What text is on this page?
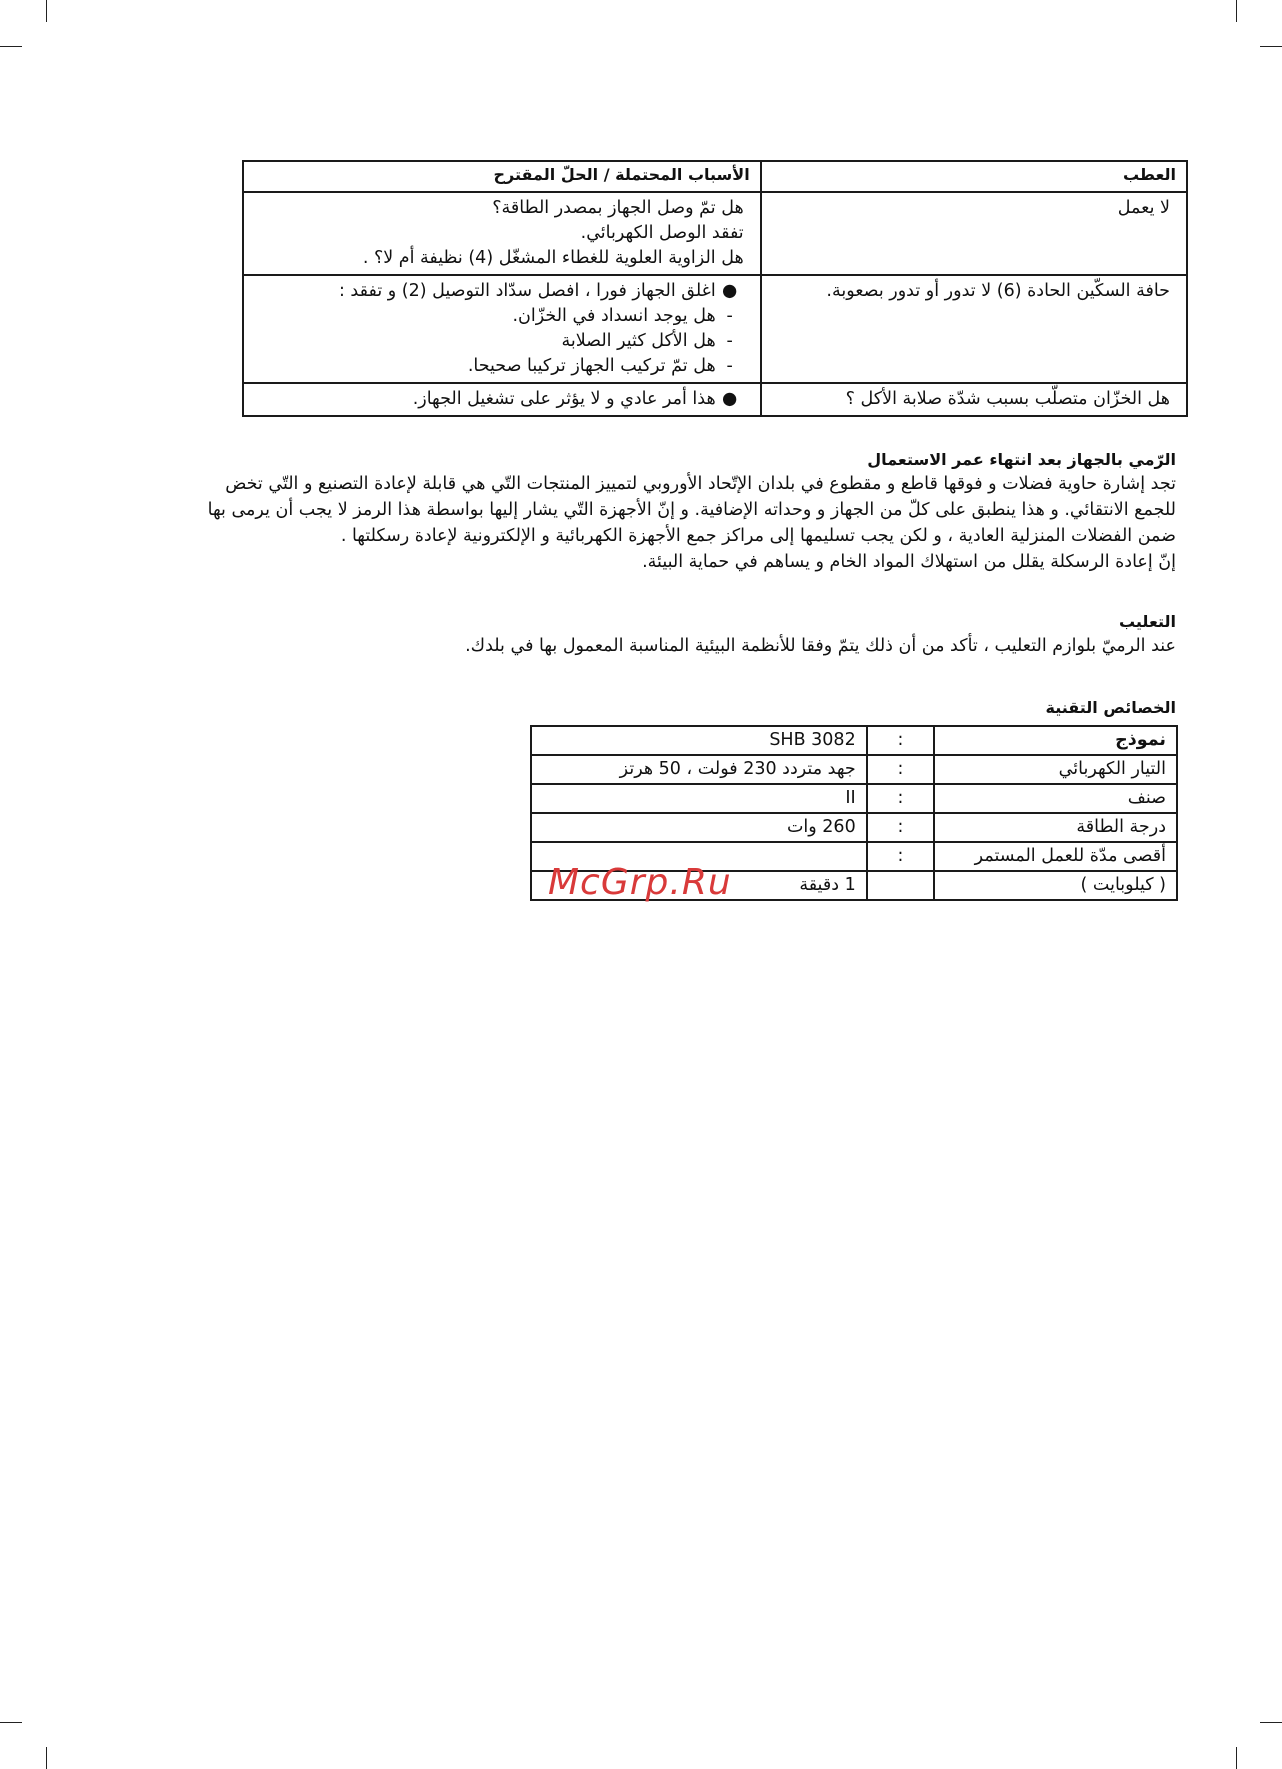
العطب	الأسباب المحتملة / الحلّ المقترح
لا يعمل	هل تمّ وصل الجهاز بمصدر الطاقة؟
تفقد الوصل الكهربائي.
هل الزاوية العلوية للغطاء المشغّل (4) نظيفة أم لا؟ .

حافة السكّين الحادة (6) لا تدور أو تدور بصعوبة.	●اغلق الجهاز فورا ، افصل سدّاد التوصيل (2) و تفقد :
-هل يوجد انسداد في الخزّان.
-هل الأكل كثير الصلابة
-هل تمّ تركيب الجهاز تركيبا صحيحا.

هل الخزّان متصلّب بسبب شدّة صلابة الأكل ؟	●هذا أمر عادي و لا يؤثر على تشغيل الجهاز.
الرّمي بالجهاز بعد انتهاء عمر الاستعمال
تجد إشارة حاوية فضلات و فوقها قاطع و مقطوع في بلدان الإتّحاد الأوروبي لتمييز المنتجات التّي هي قابلة لإعادة التصنيع و التّي تخض
للجمع الانتقائي. و هذا ينطبق على كلّ من الجهاز و وحداته الإضافية. و إنّ الأجهزة التّي يشار إليها بواسطة هذا الرمز لا يجب أن يرمى بها
ضمن الفضلات المنزلية العادية ، و لكن يجب تسليمها إلى مراكز جمع الأجهزة الكهربائية و الإلكترونية لإعادة رسكلتها .
إنّ إعادة الرسكلة يقلل من استهلاك المواد الخام و يساهم في حماية البيئة.
التعليب
عند الرميّ بلوازم التعليب ، تأكد من أن ذلك يتمّ وفقا للأنظمة البيئية المناسبة المعمول بها في بلدك.
الخصائص التقنية
نموذج	:	SHB 3082
التيار الكهربائي	:	جهد متردد 230 فولت ، 50 هرتز
صنف	:	II
درجة الطاقة	:	260 وات
أقصى مدّة للعمل المستمر	:	
( كيلوبايت )		1 دقيقة
McGrp.Ru
